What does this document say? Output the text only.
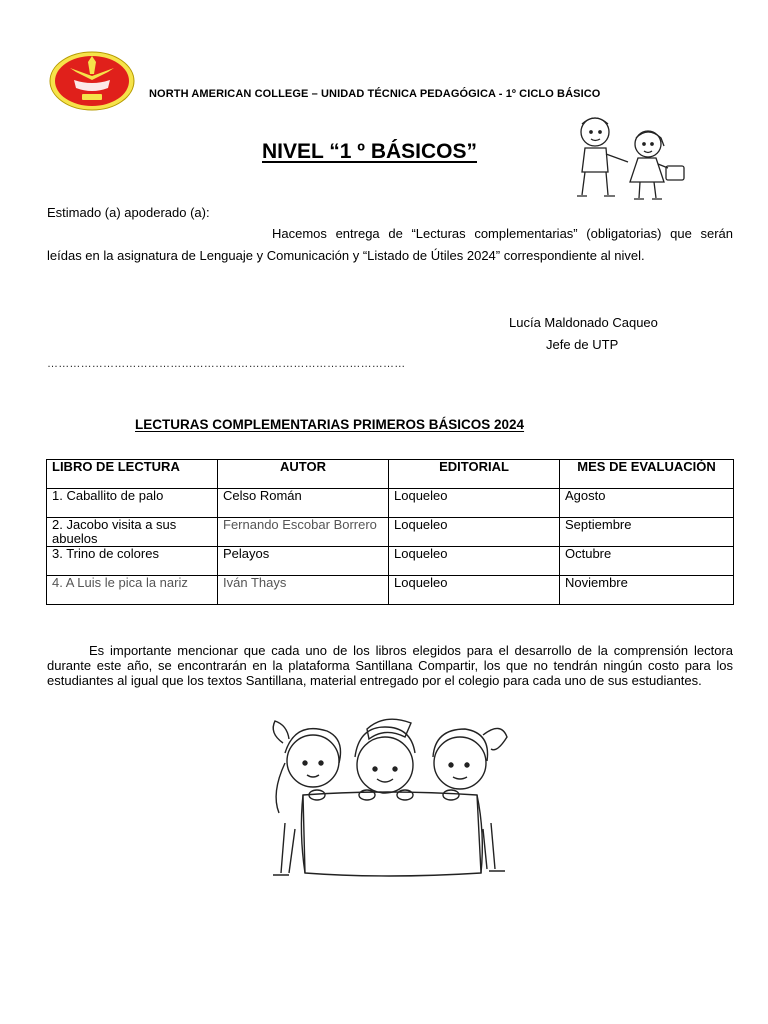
NORTH AMERICAN COLLEGE – UNIDAD TÉCNICA PEDAGÓGICA - 1º CICLO BÁSICO
NIVEL “1 º BÁSICOS”
Estimado (a) apoderado (a):
Hacemos entrega de “Lecturas complementarias” (obligatorias) que serán leídas en la asignatura de Lenguaje y Comunicación y “Listado de Útiles 2024” correspondiente al nivel.
Lucía Maldonado Caqueo
Jefe de UTP
……………………………………………………………………………………
LECTURAS COMPLEMENTARIAS PRIMEROS BÁSICOS 2024
LIBRO DE LECTURA	AUTOR	EDITORIAL	MES DE EVALUACIÓN
1. Caballito de palo	Celso Román	Loqueleo	Agosto
2. Jacobo visita a sus abuelos	Fernando Escobar Borrero	Loqueleo	Septiembre
3. Trino de colores	Pelayos	Loqueleo	Octubre
4. A Luis le pica la nariz	Iván Thays	Loqueleo	Noviembre
Es importante mencionar que cada uno de los libros elegidos para el desarrollo de la comprensión lectora durante este año, se encontrarán en la plataforma Santillana Compartir, los que no tendrán ningún costo para los estudiantes al igual que los textos Santillana, material entregado por el colegio para cada uno de sus estudiantes.
